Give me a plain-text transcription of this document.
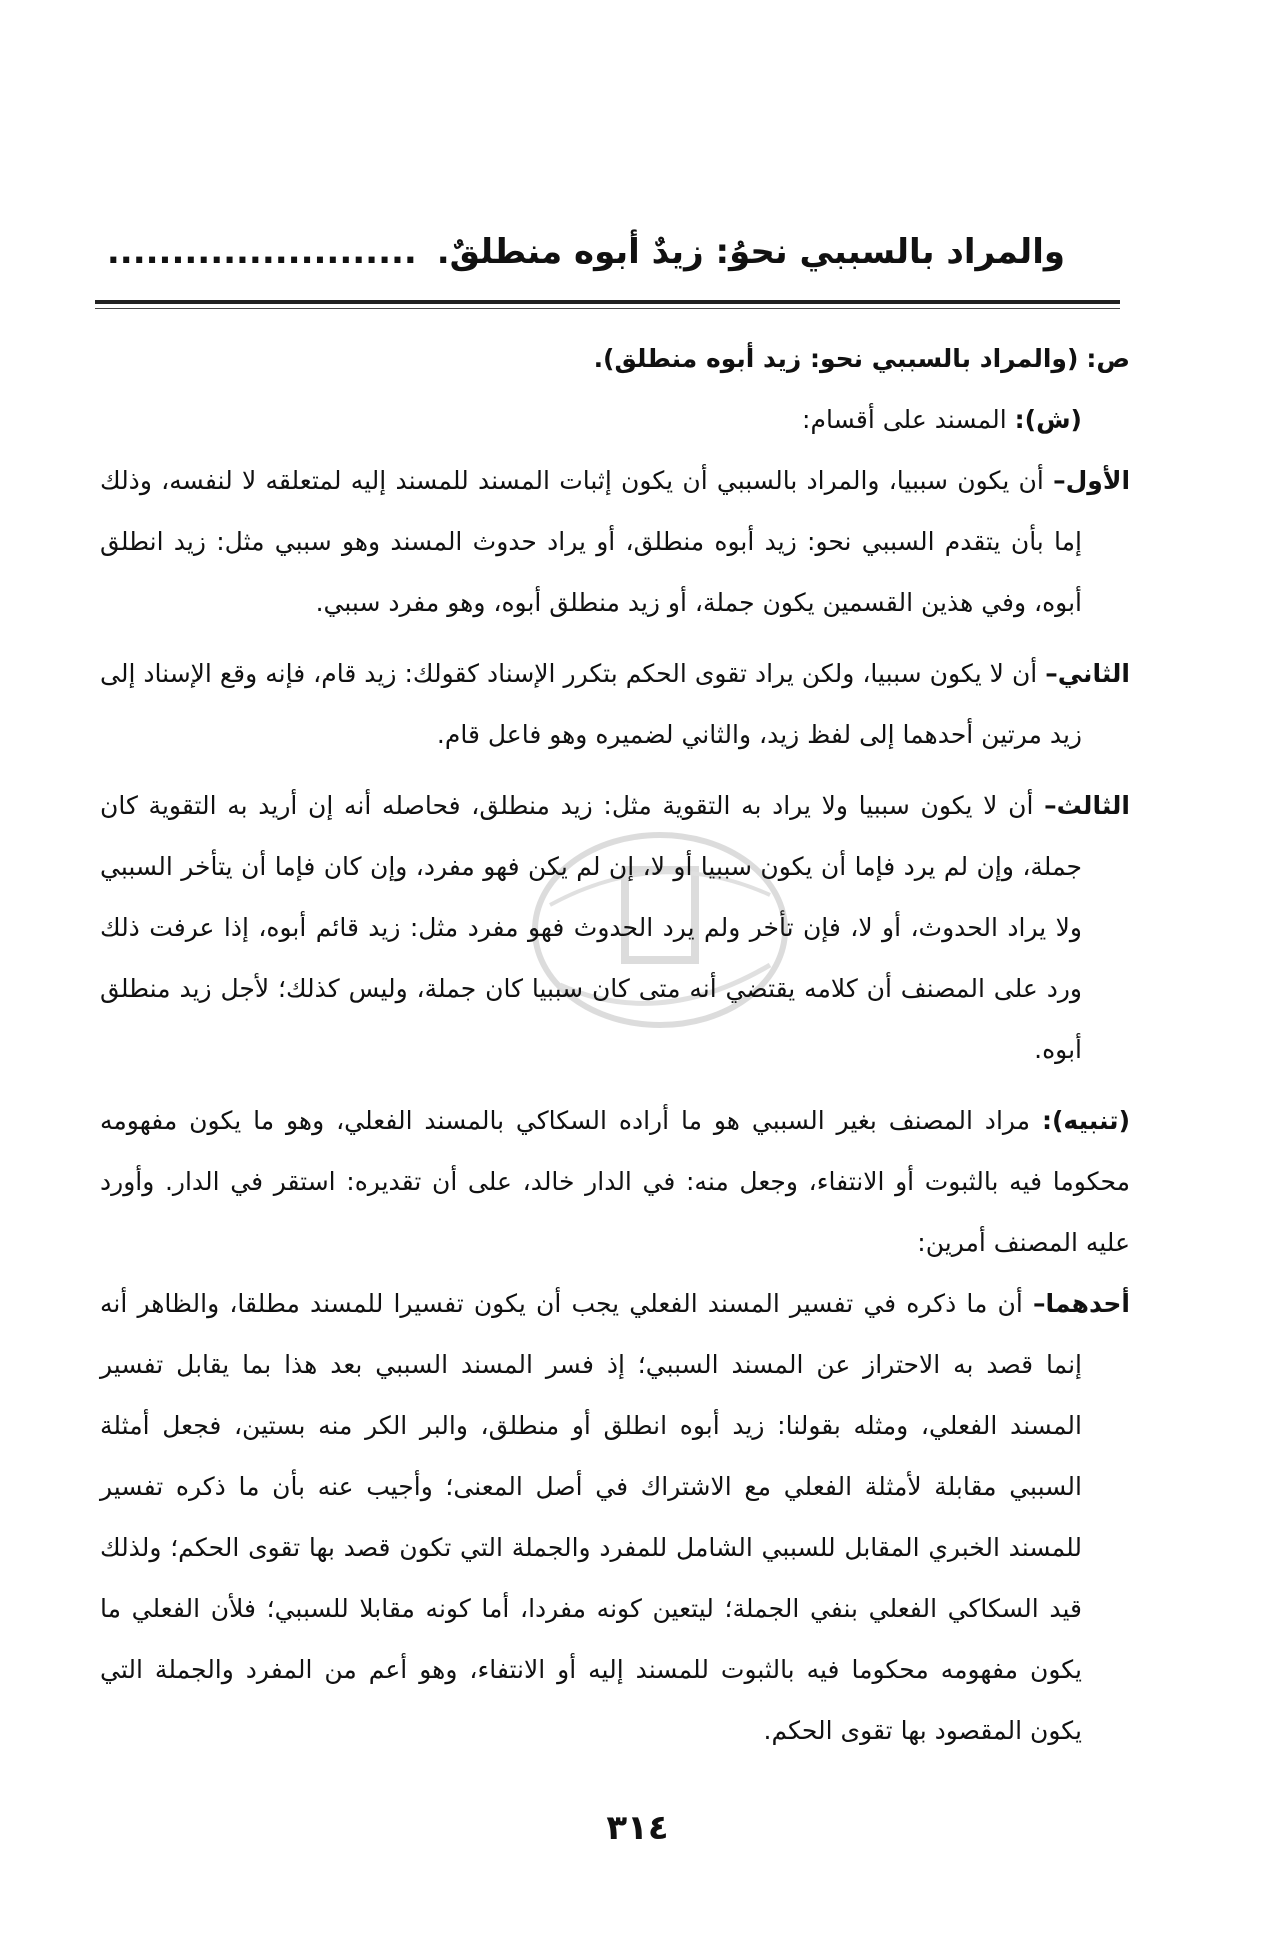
والمراد بالسببي نحوُ: زيدٌ أبوه منطلقٌ. ........................

ص: (والمراد بالسببي نحو: زيد أبوه منطلق).

(ش): المسند على أقسام:

الأول– أن يكون سببيا، والمراد بالسببي أن يكون إثبات المسند للمسند إليه لمتعلقه لا لنفسه، وذلك إما بأن يتقدم السببي نحو: زيد أبوه منطلق، أو يراد حدوث المسند وهو سببي مثل: زيد انطلق أبوه، وفي هذين القسمين يكون جملة، أو زيد منطلق أبوه، وهو مفرد سببي.

الثاني– أن لا يكون سببيا، ولكن يراد تقوى الحكم بتكرر الإسناد كقولك: زيد قام، فإنه وقع الإسناد إلى زيد مرتين أحدهما إلى لفظ زيد، والثاني لضميره وهو فاعل قام.

الثالث– أن لا يكون سببيا ولا يراد به التقوية مثل: زيد منطلق، فحاصله أنه إن أريد به التقوية كان جملة، وإن لم يرد فإما أن يكون سببيا أو لا، إن لم يكن فهو مفرد، وإن كان فإما أن يتأخر السببي ولا يراد الحدوث، أو لا، فإن تأخر ولم يرد الحدوث فهو مفرد مثل: زيد قائم أبوه، إذا عرفت ذلك ورد على المصنف أن كلامه يقتضي أنه متى كان سببيا كان جملة، وليس كذلك؛ لأجل زيد منطلق أبوه.

(تنبيه): مراد المصنف بغير السببي هو ما أراده السكاكي بالمسند الفعلي، وهو ما يكون مفهومه محكوما فيه بالثبوت أو الانتفاء، وجعل منه: في الدار خالد، على أن تقديره: استقر في الدار. وأورد عليه المصنف أمرين:

أحدهما– أن ما ذكره في تفسير المسند الفعلي يجب أن يكون تفسيرا للمسند مطلقا، والظاهر أنه إنما قصد به الاحتراز عن المسند السببي؛ إذ فسر المسند السببي بعد هذا بما يقابل تفسير المسند الفعلي، ومثله بقولنا: زيد أبوه انطلق أو منطلق، والبر الكر منه بستين، فجعل أمثلة السببي مقابلة لأمثلة الفعلي مع الاشتراك في أصل المعنى؛ وأجيب عنه بأن ما ذكره تفسير للمسند الخبري المقابل للسببي الشامل للمفرد والجملة التي تكون قصد بها تقوى الحكم؛ ولذلك قيد السكاكي الفعلي بنفي الجملة؛ ليتعين كونه مفردا، أما كونه مقابلا للسببي؛ فلأن الفعلي ما يكون مفهومه محكوما فيه بالثبوت للمسند إليه أو الانتفاء، وهو أعم من المفرد والجملة التي يكون المقصود بها تقوى الحكم.

٣١٤
